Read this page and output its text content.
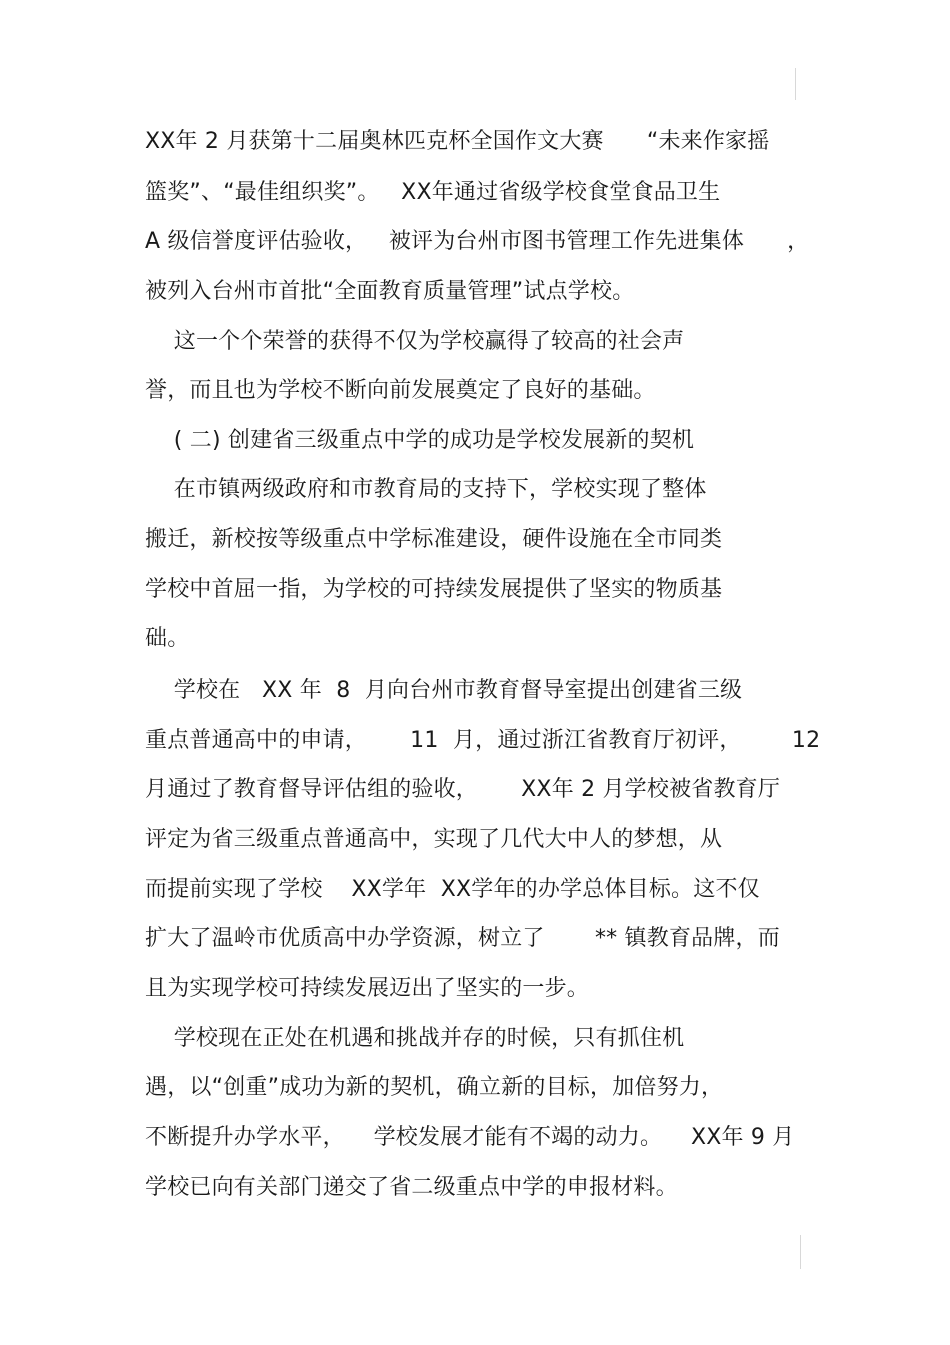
XX年 2 月获第十二届奥林匹克杯全国作文大赛      “未来作家摇
篮奖”、“最佳组织奖”。   XX年通过省级学校食堂食品卫生
A 级信誉度评估验收，   被评为台州市图书管理工作先进集体      ，
被列入台州市首批“全面教育质量管理”试点学校。
这一个个荣誉的获得不仅为学校赢得了较高的社会声
誉，而且也为学校不断向前发展奠定了良好的基础。
( 二) 创建省三级重点中学的成功是学校发展新的契机
在市镇两级政府和市教育局的支持下，学校实现了整体
搬迁，新校按等级重点中学标准建设，硬件设施在全市同类
学校中首屈一指，为学校的可持续发展提供了坚实的物质基
础。
学校在   XX 年  8  月向台州市教育督导室提出创建省三级
重点普通高中的申请，      11  月，通过浙江省教育厅初评，       12
月通过了教育督导评估组的验收，      XX年 2 月学校被省教育厅
评定为省三级重点普通高中，实现了几代大中人的梦想，从
而提前实现了学校    XX学年  XX学年的办学总体目标。这不仅
扩大了温岭市优质高中办学资源，树立了       ** 镇教育品牌，而
且为实现学校可持续发展迈出了坚实的一步。
学校现在正处在机遇和挑战并存的时候，只有抓住机
遇，以“创重”成功为新的契机，确立新的目标，加倍努力，
不断提升办学水平，    学校发展才能有不竭的动力。    XX年 9 月
学校已向有关部门递交了省二级重点中学的申报材料。
